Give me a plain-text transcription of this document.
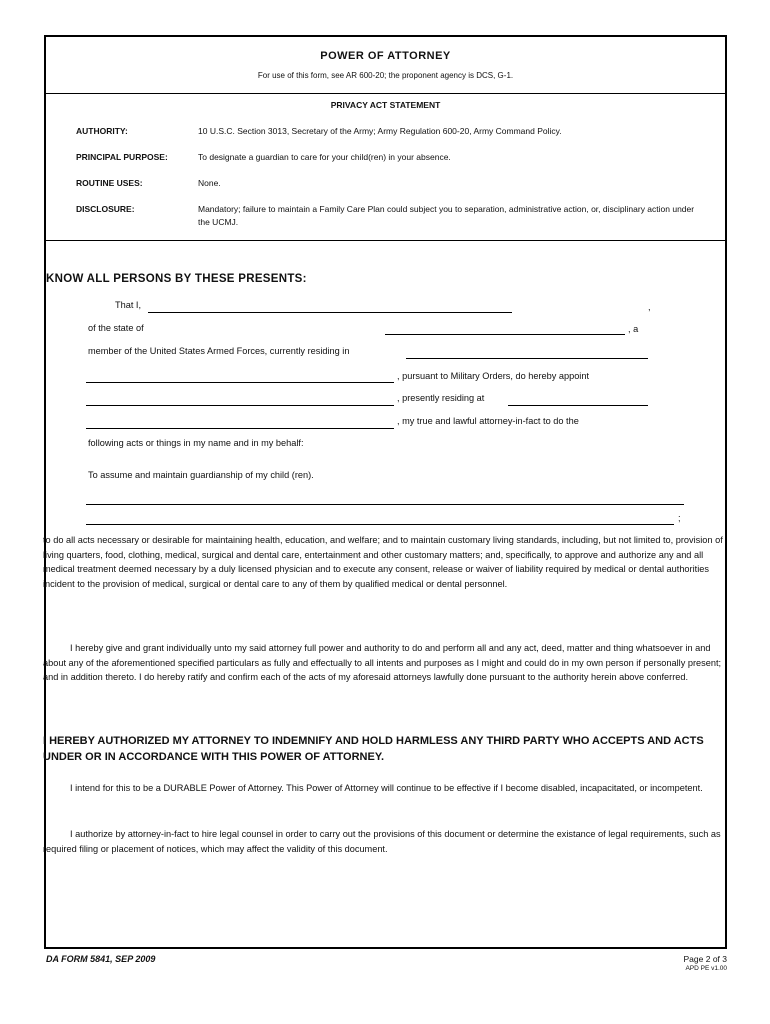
POWER OF ATTORNEY
For use of this form, see AR 600-20; the proponent agency is DCS, G-1.
PRIVACY ACT STATEMENT
AUTHORITY:	10 U.S.C. Section 3013, Secretary of the Army; Army Regulation 600-20, Army Command Policy.
PRINCIPAL PURPOSE:	To designate a guardian to care for your child(ren) in your absence.
ROUTINE USES:	None.
DISCLOSURE:	Mandatory; failure to maintain a Family Care Plan could subject you to separation, administrative action, or, disciplinary action under the UCMJ.
KNOW ALL PERSONS BY THESE PRESENTS:
That I,	,
of the state of	, a
member of the United States Armed Forces, currently residing in
, pursuant to Military Orders, do hereby appoint
, presently residing at
, my true and lawful attorney-in-fact to do the
following acts or things in my name and in my behalf:
To assume and maintain guardianship of my child (ren).
;
to do all acts necessary or desirable for maintaining health, education, and welfare; and to maintain customary living standards, including, but not limited to, provision of living quarters, food, clothing, medical, surgical and dental care, entertainment and other customary matters; and, specifically, to approve and authorize any and all medical treatment deemed necessary by a duly licensed physician and to execute any consent, release or waiver of liability required by medical or dental authorities incident to the provision of medical, surgical or dental care to any of them by qualified medical or dental personnel.
I hereby give and grant individually unto my said attorney full power and authority to do and perform all and any act, deed, matter and thing whatsoever in and about any of the aforementioned specified particulars as fully and effectually to all intents and purposes as I might and could do in my own person if personally present; and in addition thereto. I do hereby ratify and confirm each of the acts of my aforesaid attorneys lawfully done pursuant to the authority herein above conferred.
I HEREBY AUTHORIZED MY ATTORNEY TO INDEMNIFY AND HOLD HARMLESS ANY THIRD PARTY WHO ACCEPTS AND ACTS UNDER OR IN ACCORDANCE WITH THIS POWER OF ATTORNEY.
I intend for this to be a DURABLE Power of Attorney. This Power of Attorney will continue to be effective if I become disabled, incapacitated, or incompetent.
I authorize by attorney-in-fact to hire legal counsel in order to carry out the provisions of this document or determine the existance of legal requirements, such as required filing or placement of notices, which may affect the validity of this document.
DA FORM 5841, SEP 2009	Page 2 of 3
APD PE v1.00
